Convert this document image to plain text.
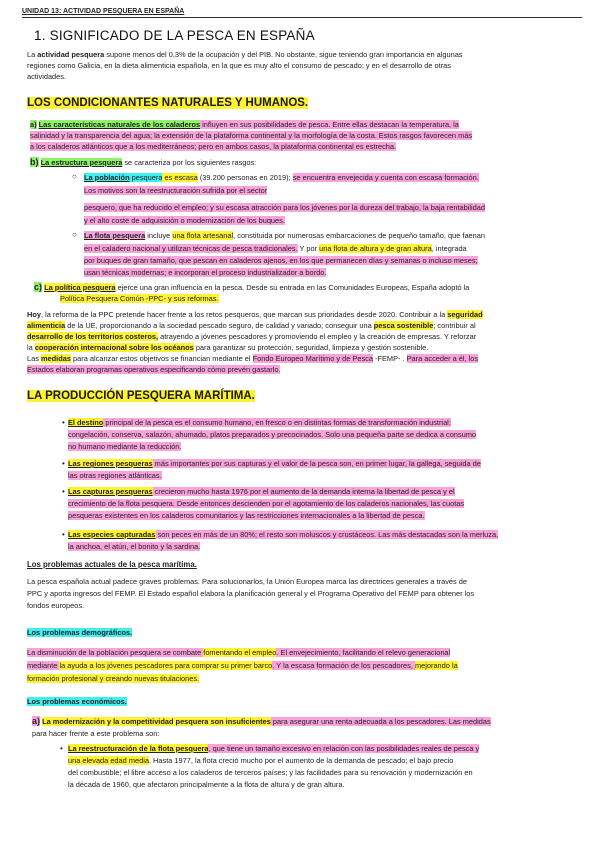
UNIDAD 13: ACTIVIDAD PESQUERA EN ESPAÑA
1. SIGNIFICADO DE LA PESCA EN ESPAÑA
La actividad pesquera supone menos del 0,3% de la ocupación y del PIB. No obstante, sigue teniendo gran importancia en algunas
regiones como Galicia, en la dieta alimenticia española, en la que es muy alto el consumo de pescado; y en el desarrollo de otras
actividades.
LOS CONDICIONANTES NATURALES Y HUMANOS.
a) Las características naturales de los caladeros influyen en sus posibilidades de pesca. Entre ellas destacan la temperatura, la
salinidad y la transparencia del agua; la extensión de la plataforma continental y la morfología de la costa. Estos rasgos favorecen más
a los caladeros atlánticos que a los mediterráneos; pero en ambos casos, la plataforma continental es estrecha.
b) La estructura pesquera se caracteriza por los siguientes rasgos:
○ La población pesquera es escasa (39.200 personas en 2019); se encuentra envejecida y cuenta con escasa formación.
Los motivos son la reestructuración sufrida por el sector
pesquero, que ha reducido el empleo; y su escasa atracción para los jóvenes por la dureza del trabajo, la baja rentabilidad
y el alto coste de adquisición o modernización de los buques.
○ La flota pesquera incluye una flota artesanal, constituida por numerosas embarcaciones de pequeño tamaño, que faenan
en el caladero nacional y utilizan técnicas de pesca tradicionales. Y por una flota de altura y de gran altura, integrada
por buques de gran tamaño, que pescan en caladeros ajenos, en los que permanecen días y semanas o incluso meses;
usan técnicas modernas; e incorporan el proceso industrializador a bordo.
c) La política pesquera ejerce una gran influencia en la pesca. Desde su entrada en las Comunidades Europeas, España adoptó la
Política Pesquera Común -PPC- y sus reformas.
Hoy, la reforma de la PPC pretende hacer frente a los retos pesqueros, que marcan sus prioridades desde 2020. Contribuir a la seguridad
alimenticia de la UE, proporcionando a la sociedad pescado seguro, de calidad y variado; conseguir una pesca sostenible; contribuir al
desarrollo de los territorios costeros, atrayendo a jóvenes pescadores y promoviendo el empleo y la creación de empresas. Y reforzar
la cooperación internacional sobre los océanos para garantizar su protección, seguridad, limpieza y gestión sostenible.
Las medidas para alcanzar estos objetivos se financian mediante el Fondo Europeo Marítimo y de Pesca -FEMP- . Para acceder a él, los
Estados elaboran programas operativos especificando cómo prevén gastarlo.
LA PRODUCCIÓN PESQUERA MARÍTIMA.
• El destino principal de la pesca es el consumo humano, en fresco o en distintas formas de transformación industrial:
congelación, conserva, salazón, ahumado, platos preparados y precocinados. Solo una pequeña parte se dedica a consumo
no humano mediante la reducción.
• Las regiones pesqueras más importantes por sus capturas y el valor de la pesca son, en primer lugar, la gallega, seguida de
las otras regiones atlánticas.
• Las capturas pesqueras crecieron mucho hasta 1976 por el aumento de la demanda interna la libertad de pesca y el
crecimiento de la flota pesquera. Desde entonces descienden por el agotamiento de los caladeros nacionales, las cuotas
pesqueras existentes en los caladeros comunitarios y las restricciones internacionales a la libertad de pesca.
• Las especies capturadas son peces en más de un 80%; el resto son moluscos y crustáceos. Las más destacadas son la merluza,
la anchoa, el atún, el bonito y la sardina.
Los problemas actuales de la pesca marítima.
La pesca española actual padece graves problemas. Para solucionarlos, la Unión Europea marca las directrices generales a través de
PPC y aporta ingresos del FEMP. El Estado español elabora la planificación general y el Programa Operativo del FEMP para obtener los
fondos europeos.
Los problemas demográficos.
La disminución de la población pesquera se combate fomentando el empleo. El envejecimiento, facilitando el relevo generacional
mediante la ayuda a los jóvenes pescadores para comprar su primer barco. Y la escasa formación de los pescadores, mejorando la
formación profesional y creando nuevas titulaciones.
Los problemas económicos.
a) La modernización y la competitividad pesquera son insuficientes para asegurar una renta adecuada a los pescadores. Las medidas
para hacer frente a este problema son:
• La reestructuración de la flota pesquera, que tiene un tamaño excesivo en relación con las posibilidades reales de pesca y
una elevada edad media. Hasta 1977, la flota creció mucho por el aumento de la demanda de pescado; el bajo precio
del combustible; el libre acceso a los caladeros de terceros países; y las facilidades para su renovación y modernización en
la década de 1960, que afectaron principalmente a la flota de altura y de gran altura.
